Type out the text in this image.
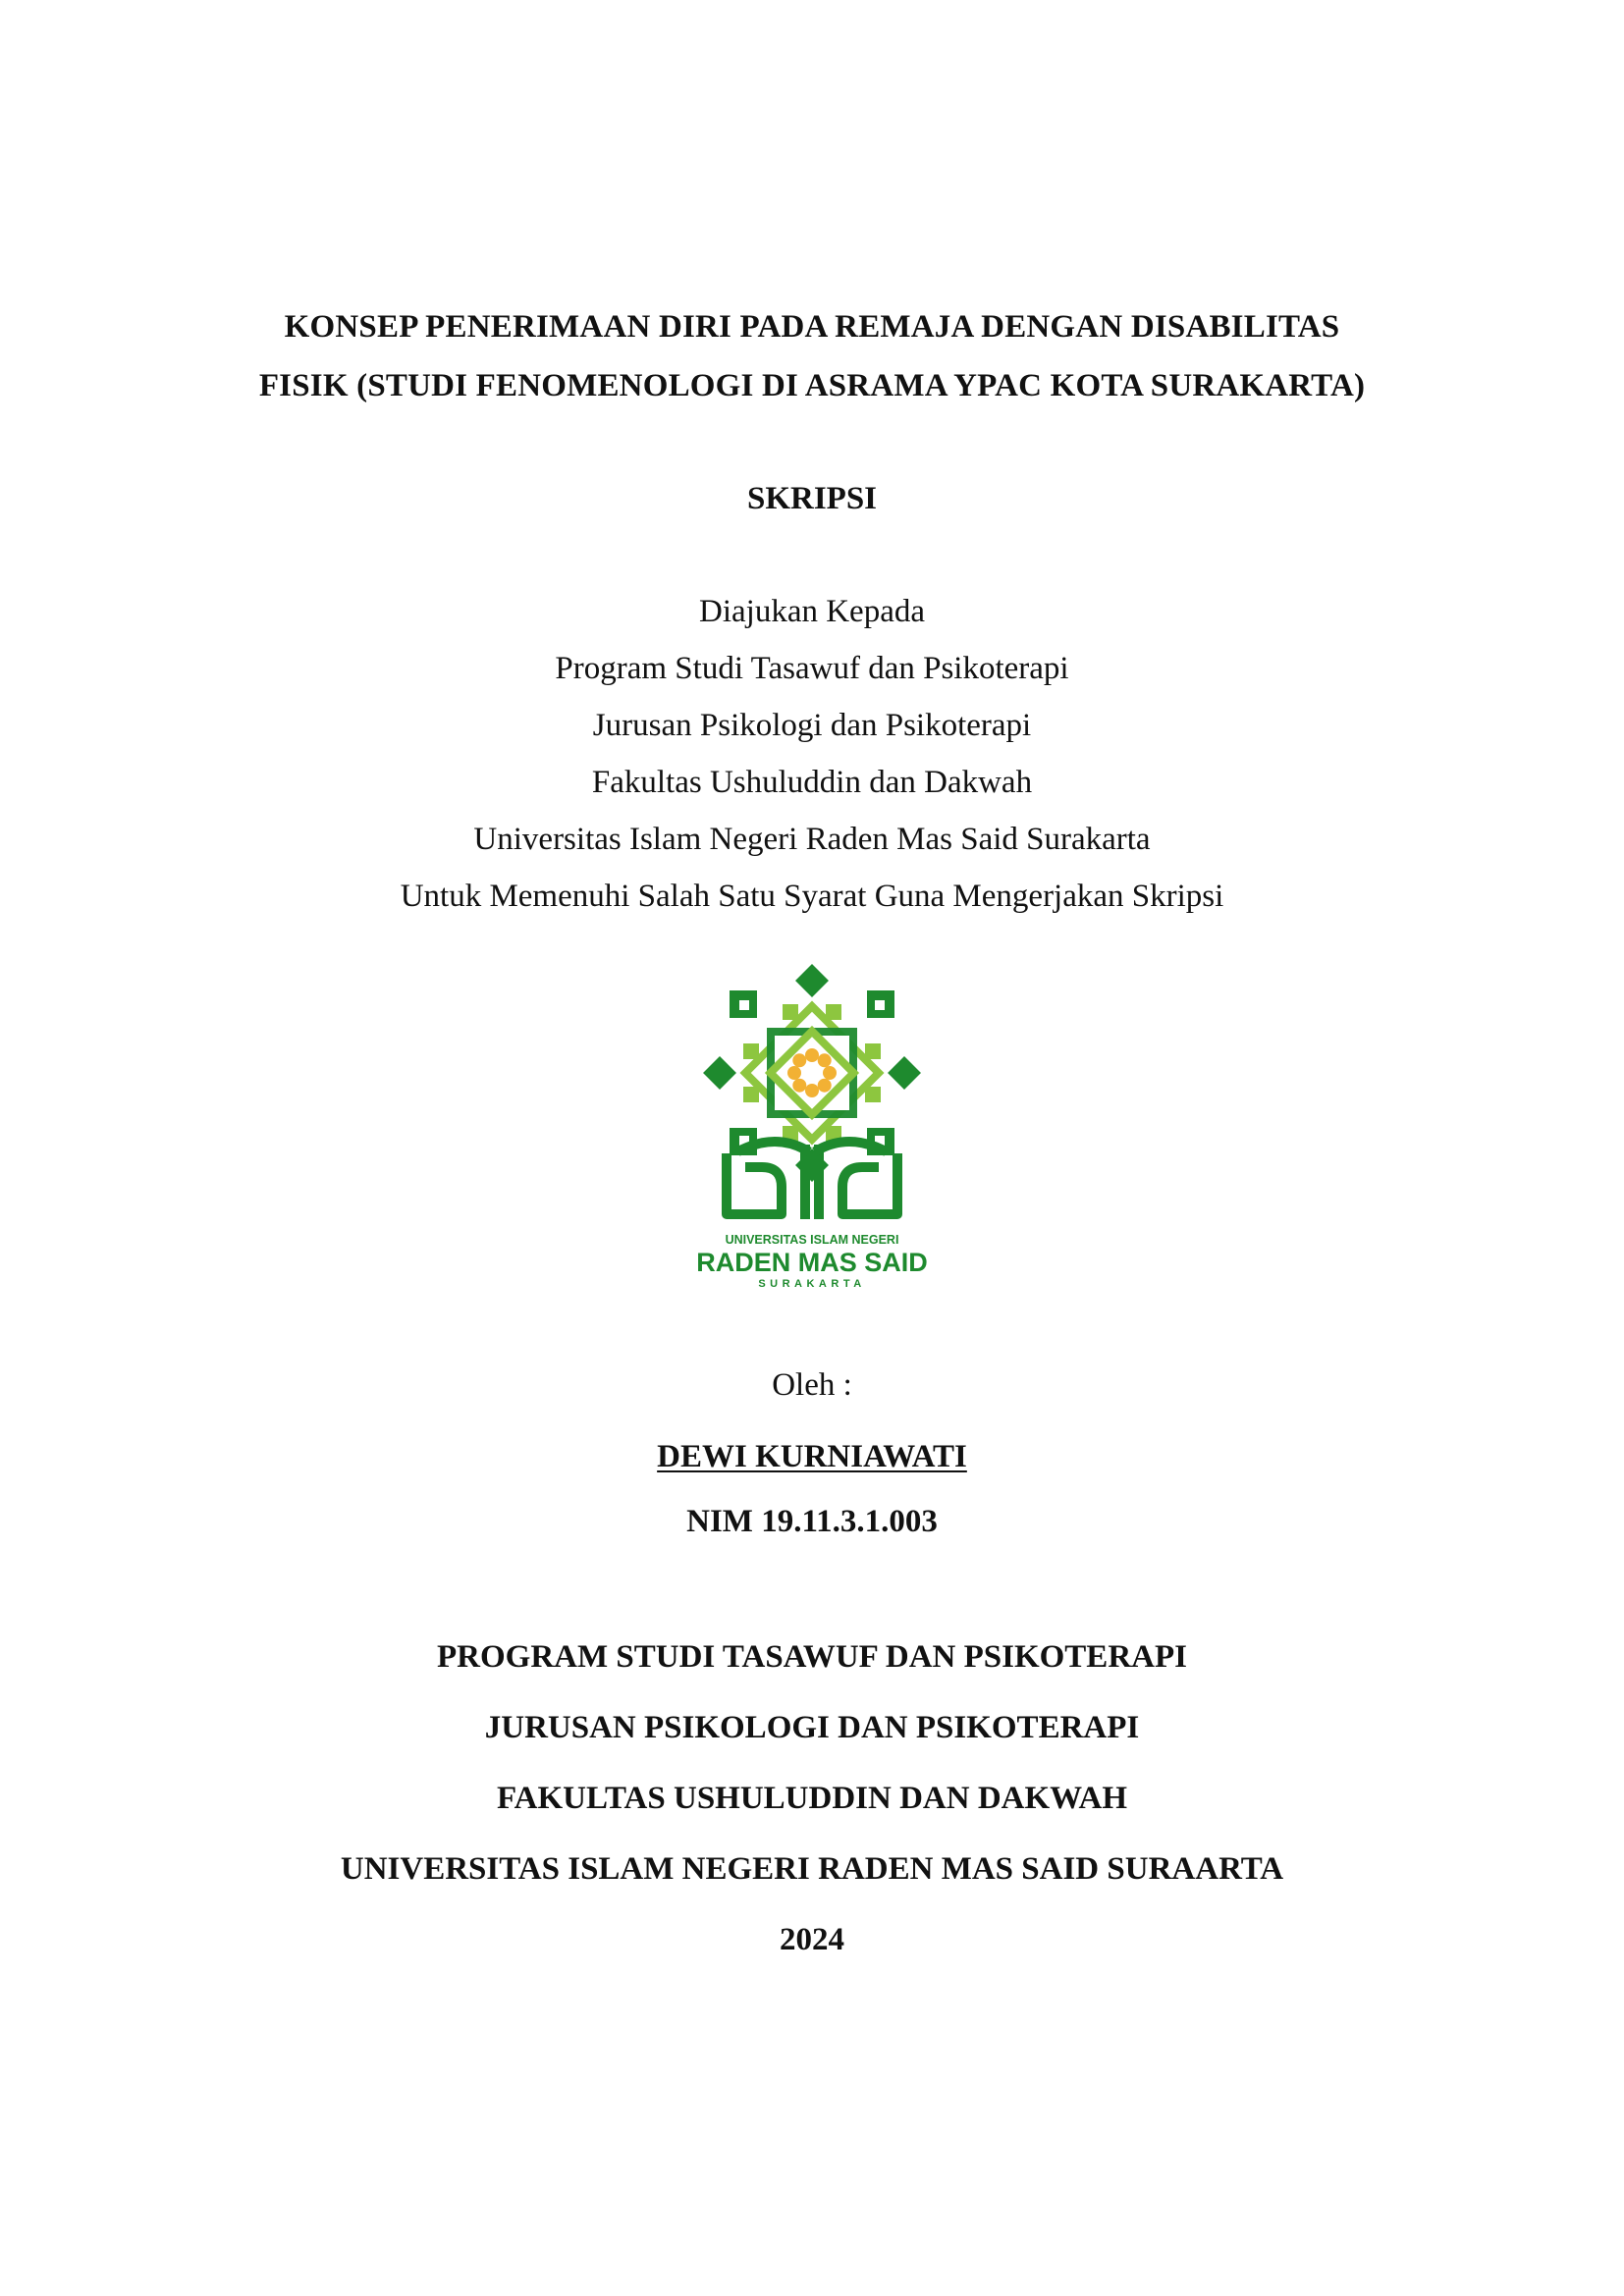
KONSEP PENERIMAAN DIRI PADA REMAJA DENGAN DISABILITAS
FISIK (STUDI FENOMENOLOGI DI ASRAMA YPAC KOTA SURAKARTA)
SKRIPSI
Diajukan Kepada
Program Studi Tasawuf dan Psikoterapi
Jurusan Psikologi dan Psikoterapi
Fakultas Ushuluddin dan Dakwah
Universitas Islam Negeri Raden Mas Said Surakarta
Untuk Memenuhi Salah Satu Syarat Guna Mengerjakan Skripsi
UNIVERSITAS ISLAM NEGERI
RADEN MAS SAID
SURAKARTA
Oleh :
DEWI KURNIAWATI
NIM 19.11.3.1.003
PROGRAM STUDI TASAWUF DAN PSIKOTERAPI
JURUSAN PSIKOLOGI DAN PSIKOTERAPI
FAKULTAS USHULUDDIN DAN DAKWAH
UNIVERSITAS ISLAM NEGERI RADEN MAS SAID SURAARTA
2024
